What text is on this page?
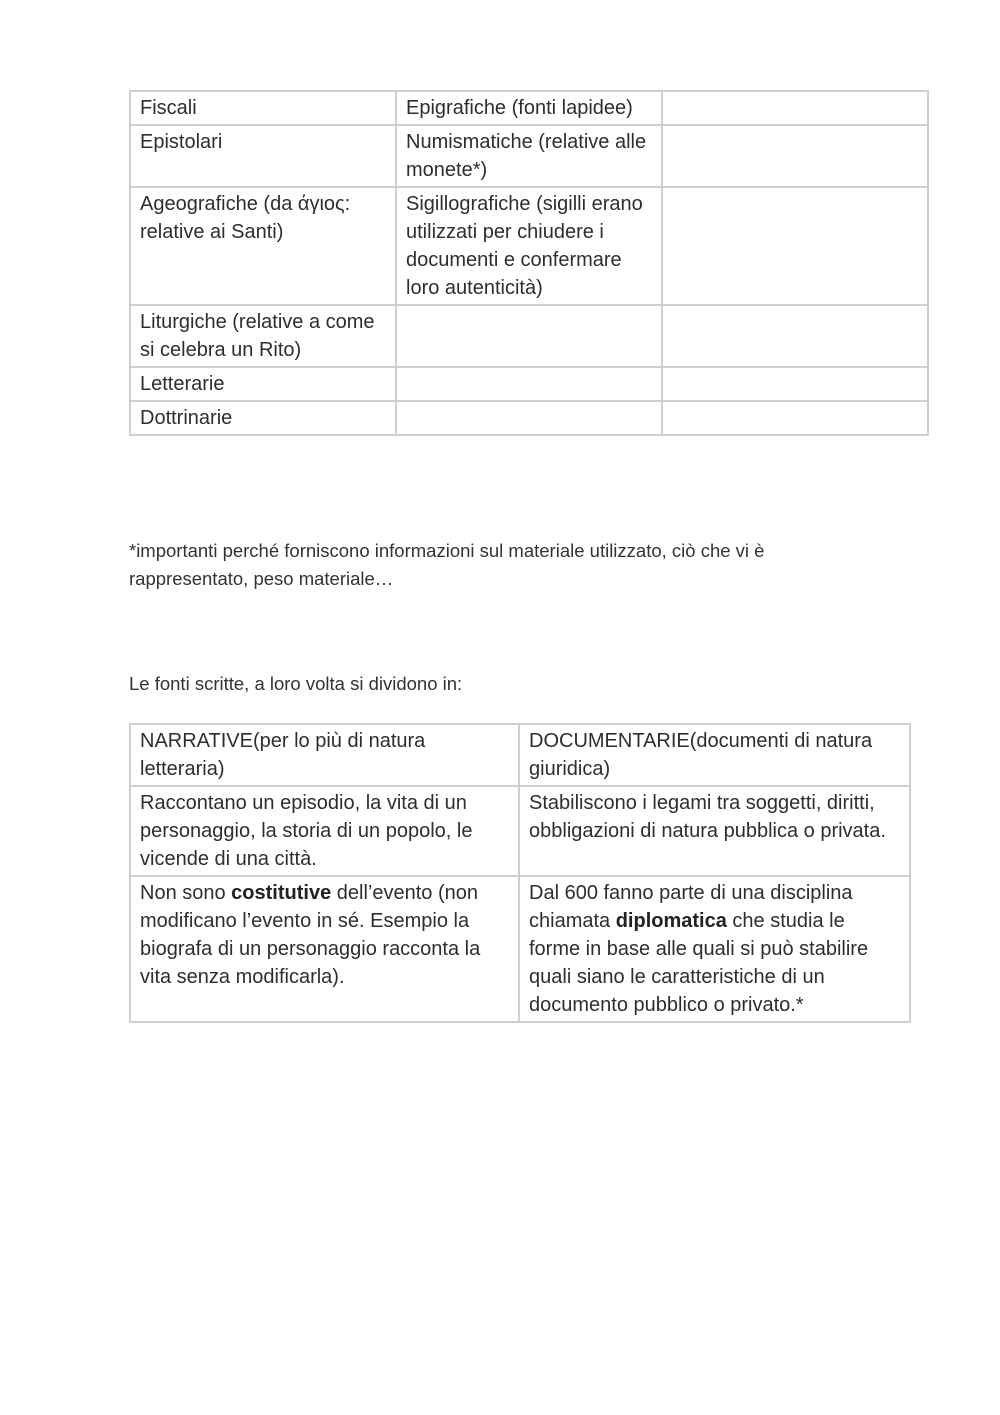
Fiscali	Epigrafiche (fonti lapidee)	
Epistolari	Numismatiche (relative alle monete*)	
Ageografiche (da άγιος: relative ai Santi)	Sigillografiche (sigilli erano utilizzati per chiudere i documenti e confermare loro autenticità)	
Liturgiche (relative a come si celebra un Rito)		
Letterarie		
Dottrinarie		

*importanti perché forniscono informazioni sul materiale utilizzato, ciò che vi è rappresentato, peso materiale…

Le fonti scritte, a loro volta si dividono in:

NARRATIVE(per lo più di natura letteraria)	DOCUMENTARIE(documenti di natura giuridica)
Raccontano un episodio, la vita di un personaggio, la storia di un popolo, le vicende di una città.	Stabiliscono i legami tra soggetti, diritti, obbligazioni di natura pubblica o privata.
Non sono costitutive dell’evento (non modificano l’evento in sé. Esempio la biografa di un personaggio racconta la vita senza modificarla).	Dal 600 fanno parte di una disciplina chiamata diplomatica che studia le forme in base alle quali si può stabilire quali siano le caratteristiche di un documento pubblico o privato.*
